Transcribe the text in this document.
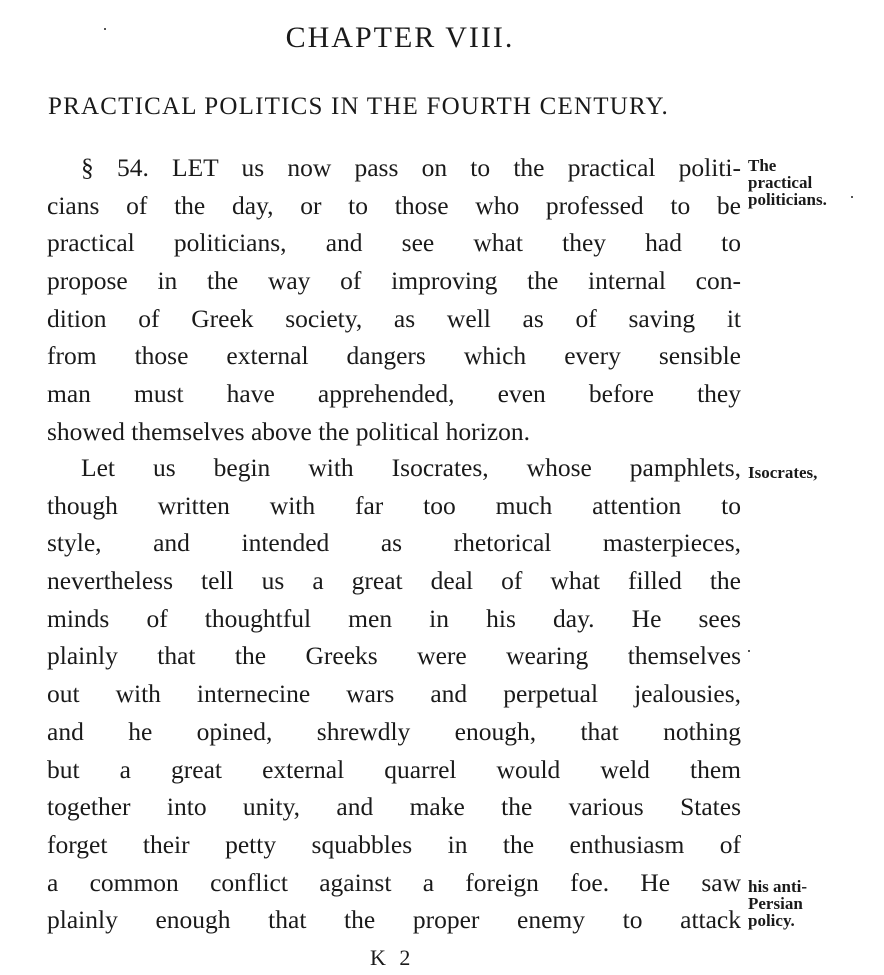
CHAPTER VIII.
PRACTICAL POLITICS IN THE FOURTH CENTURY.
§ 54. LET us now pass on to the practical politi-
cians of the day, or to those who professed to be
practical politicians, and see what they had to
propose in the way of improving the internal con-
dition of Greek society, as well as of saving it
from those external dangers which every sensible
man must have apprehended, even before they
showed themselves above the political horizon.
Let us begin with Isocrates, whose pamphlets,
though written with far too much attention to
style, and intended as rhetorical masterpieces,
nevertheless tell us a great deal of what filled the
minds of thoughtful men in his day. He sees
plainly that the Greeks were wearing themselves
out with internecine wars and perpetual jealousies,
and he opined, shrewdly enough, that nothing
but a great external quarrel would weld them
together into unity, and make the various States
forget their petty squabbles in the enthusiasm of
a common conflict against a foreign foe. He saw
plainly enough that the proper enemy to attack
The
practical
politicians.
Isocrates,
his anti-
Persian
policy.
K 2
